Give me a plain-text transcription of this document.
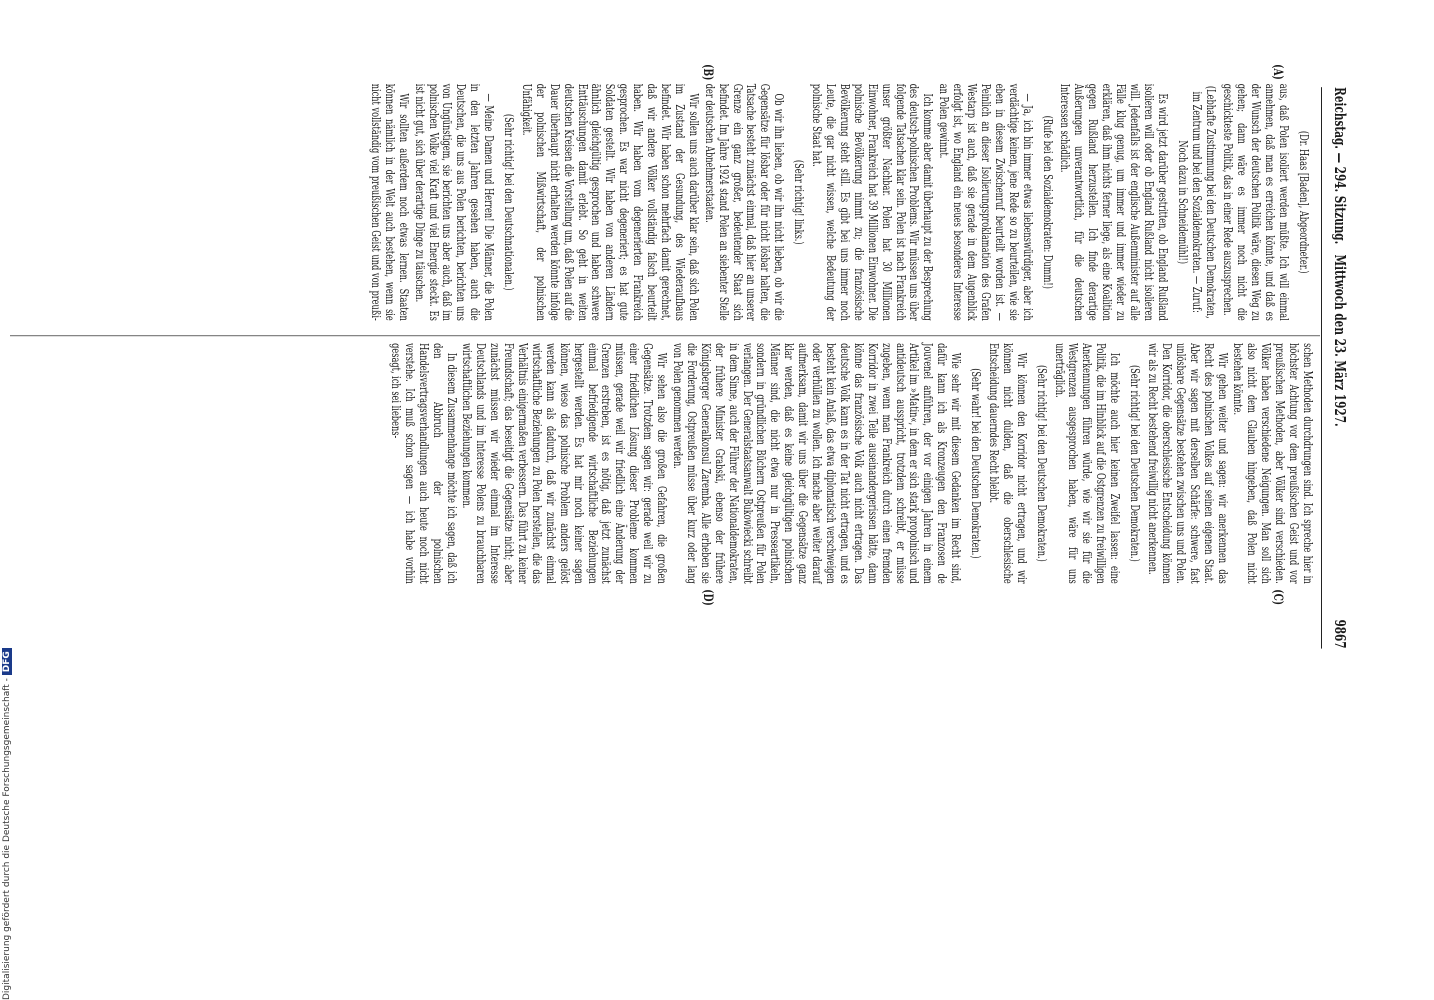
Reichstag. — 294. Sitzung.
Mittwoch den 23. März 1927.
9867
(A)
(B)
(C)
(D)

(Dr. Haas [Baden], Abgeordneter.)

aus, daß Polen isoliert werden müßte. Ich will einmal annehmen, daß man es erreichen könnte, und daß es der Wunsch der deutschen Politik wäre, diesen Weg zu gehen; dann wäre es immer noch nicht die geschickteste Politik, das in einer Rede auszusprechen.

(Lebhafte Zustimmung bei den Deutschen Demokraten, im Zentrum und bei den Sozialdemokraten. — Zuruf: Noch dazu in Schneidemühl!)

Es wird jetzt darüber gestritten, ob England Rußland isolieren will oder ob England Rußland nicht isolieren will. Jedenfalls ist der englische Außenminister auf alle Fälle klug genug, um immer und immer wieder zu erklären, daß ihm nichts ferner liege, als eine Koalition gegen Rußland herzustellen. Ich finde derartige Äußerungen unverantwortlich, für die deutschen Interessen schädlich.

(Rufe bei den Sozialdemokraten: Dumm!)

— Ja, ich bin immer etwas liebenswürdiger, aber ich verdächtige keinen, jene Rede so zu beurteilen, wie sie eben in diesem Zwischenruf beurteilt worden ist. — Peinlich an dieser Isolierungsproklamation des Grafen Westarp ist auch, daß sie gerade in dem Augenblick erfolgt ist, wo England ein neues besonderes Interesse an Polen gewinnt.

Ich komme aber damit überhaupt zu der Besprechung des deutsch-polnischen Problems. Wir müssen uns über folgende Tatsachen klar sein. Polen ist nach Frankreich unser größter Nachbar. Polen hat 30 Millionen Einwohner, Frankreich hat 39 Millionen Einwohner. Die polnische Bevölkerung nimmt zu; die französische Bevölkerung steht still. Es gibt bei uns immer noch Leute, die gar nicht wissen, welche Bedeutung der polnische Staat hat.

(Sehr richtig! links.)

Ob wir ihn lieben, ob wir ihn nicht lieben, ob wir die Gegensätze für lösbar oder für nicht lösbar halten, die Tatsache besteht zunächst einmal, daß hier an unserer Grenze ein ganz großer, bedeutender Staat sich befindet. Im Jahre 1924 stand Polen an siebenter Stelle der deutschen Abnehmerstaaten.

Wir sollen uns auch darüber klar sein, daß sich Polen im Zustand der Gesundung, des Wiederaufbaus befindet. Wir haben schon mehrfach damit gerechnet, daß wir andere Völker vollständig falsch beurteilt haben. Wir haben vom degenerierten Frankreich gesprochen. Es war nicht degeneriert; es hat gute Soldaten gestellt. Wir haben von anderen Ländern ähnlich gleichgültig gesprochen und haben schwere Enttäuschungen damit erlebt. So geht in weiten deutschen Kreisen die Vorstellung um, daß Polen auf die Dauer überhaupt nicht erhalten werden könnte infolge der polnischen Mißwirtschaft, der polnischen Unfähigkeit.

(Sehr richtig! bei den Deutschnationalen.)

— Meine Damen und Herren! Die Männer, die Polen in den letzten Jahren gesehen haben, auch die Deutschen, die uns aus Polen berichten, berichten uns von Ungünstigem, sie berichten uns aber auch, daß im polnischen Volke viel Kraft und viel Energie steckt. Es ist nicht gut, sich über derartige Dinge zu täuschen.

Wir sollten außerdem noch etwas lernen. Staaten können nämlich in der Welt auch bestehen, wenn sie nicht vollständig vom preußischen Geist und von preußi-

schen Methoden durchdrungen sind. Ich spreche hier in höchster Achtung vor dem preußischen Geist und vor preußischen Methoden, aber Völker sind verschieden. Völker haben verschiedene Neigungen. Man soll sich also nicht dem Glauben hingeben, daß Polen nicht bestehen könnte.

Wir gehen weiter und sagen: wir anerkennen das Recht des polnischen Volkes auf seinen eigenen Staat. Aber wir sagen mit derselben Schärfe: schwere, fast unlösbare Gegensätze bestehen zwischen uns und Polen. Den Korridor, die oberschlesische Entscheidung können wir als zu Recht bestehend freiwillig nicht anerkennen.

(Sehr richtig! bei den Deutschen Demokraten.)

Ich möchte auch hier keinen Zweifel lassen: eine Politik, die im Hinblick auf die Ostgrenzen zu freiwilligen Anerkennungen führen würde, wie wir sie für die Westgrenzen ausgesprochen haben, wäre für uns unerträglich.

(Sehr richtig! bei den Deutschen Demokraten.)

Wir können den Korridor nicht ertragen, und wir können nicht dulden, daß die oberschlesische Entscheidung dauerndes Recht bleibt.

(Sehr wahr! bei den Deutschen Demokraten.)

Wie sehr wir mit diesem Gedanken im Recht sind, dafür kann ich als Kronzeugen den Franzosen de Jouvenel anführen, der vor einigen Jahren in einem Artikel im »Matin«, in dem er sich stark propolnisch und antideutsch ausspricht, trotzdem schreibt, er müsse zugeben, wenn man Frankreich durch einen fremden Korridor in zwei Teile auseinandergerissen hätte, dann könne das französische Volk auch nicht ertragen. Das deutsche Volk kann es in der Tat nicht ertragen, und es besteht kein Anlaß, das etwa diplomatisch verschweigen oder verhüllen zu wollen. Ich mache aber weiter darauf aufmerksam, damit wir uns über die Gegensätze ganz klar werden, daß es keine gleichgültigen polnischen Männer sind, die nicht etwa nur in Presseartikeln, sondern in gründlichen Büchern Ostpreußen für Polen verlangen. Der Generalstaatsanwalt Bukowiecki schreibt in dem Sinne, auch der Führer der Nationaldemokraten, der frühere Minister Grabski, ebenso der frühere Königsberger Generalkonsul Zaremba. Alle erheben sie die Forderung, Ostpreußen müsse über kurz oder lang von Polen genommen werden.

Wir sehen also die großen Gefahren, die großen Gegensätze. Trotzdem sagen wir: gerade weil wir zu einer friedlichen Lösung dieser Probleme kommen müssen, gerade weil wir friedlich eine Änderung der Grenzen erstreben, ist es nötig, daß jetzt zunächst einmal befriedigende wirtschaftliche Beziehungen hergestellt werden. Es hat mir noch keiner sagen können, wieso das polnische Problem anders gelöst werden kann als dadurch, daß wir zunächst einmal wirtschaftliche Beziehungen zu Polen herstellen, die das Verhältnis einigermaßen verbessern. Das führt zu keiner Freundschaft; das beseitigt die Gegensätze nicht; aber zunächst müssen wir wieder einmal im Interesse Deutschlands und im Interesse Polens zu brauchbaren wirtschaftlichen Beziehungen kommen.

In diesem Zusammenhange möchte ich sagen, daß ich den Abbruch der polnischen Handelsvertragsverhandlungen auch heute noch nicht verstehe. Ich muß schon sagen — ich habe vorhin gesagt, ich sei liebens-

Digitalisierung gefördert durch die Deutsche Forschungsgemeinschaft - DFG
